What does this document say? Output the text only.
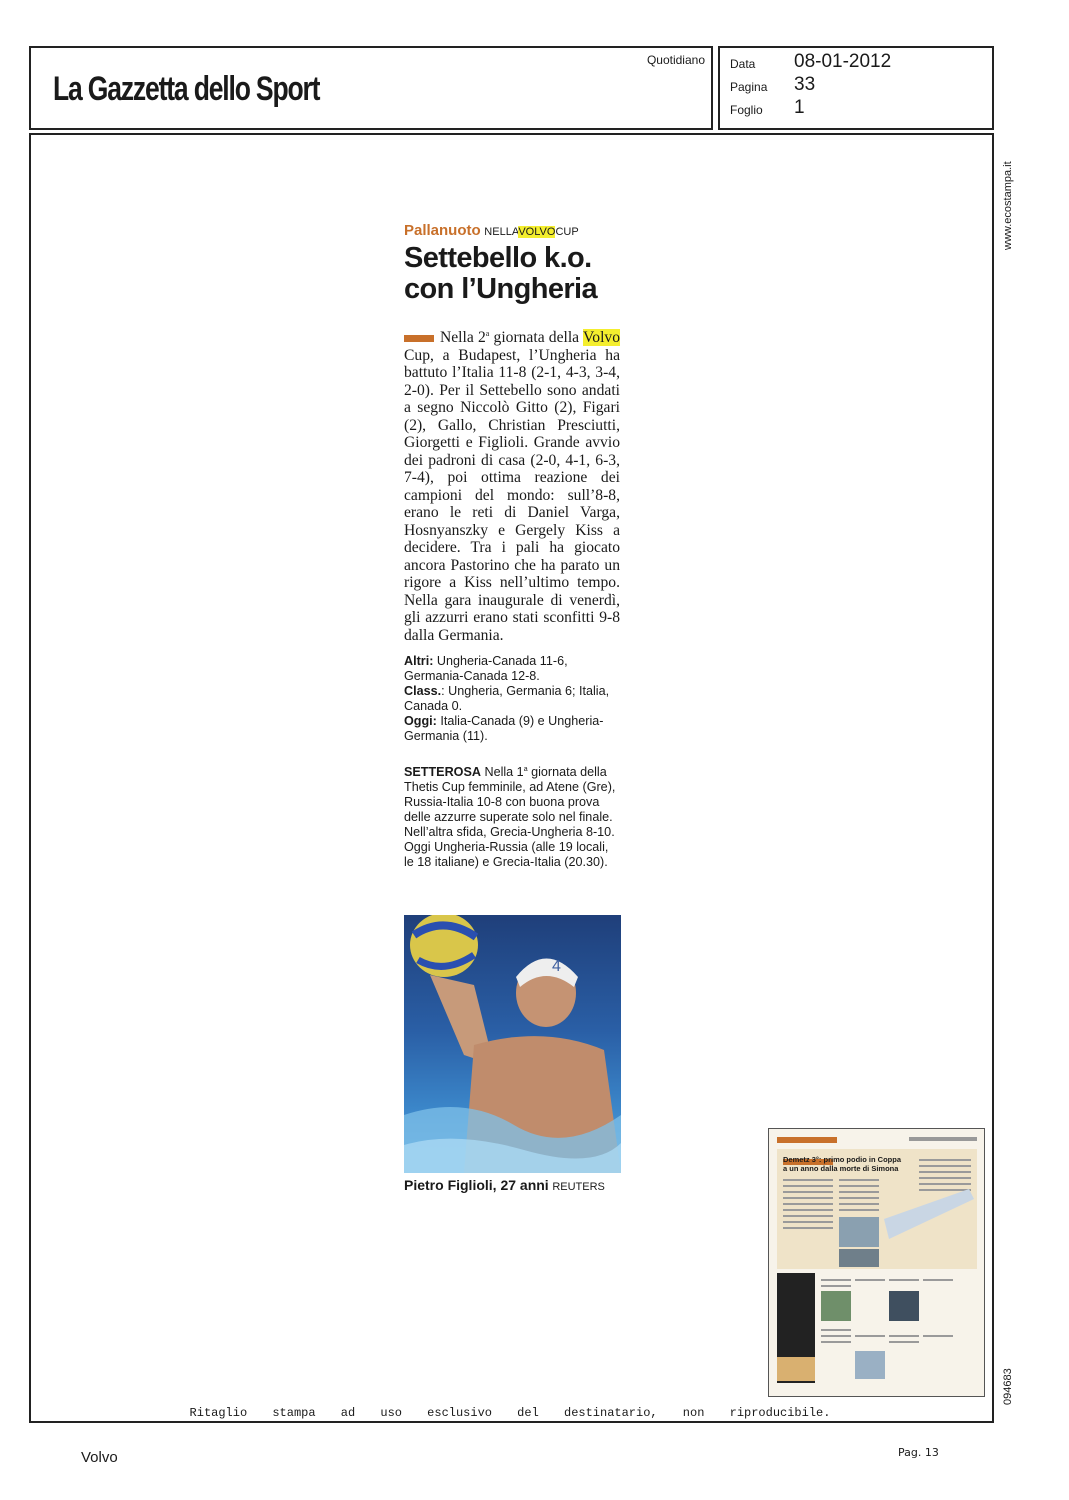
La Gazzetta dello Sport
Quotidiano Data 08-01-2012
Pagina 33
Foglio 1
www.ecostampa.it
094683
Pallanuoto NELLAVOLVOCUP
Settebello k.o.
con l’Ungheria
Nella 2$^a$ giornata della Volvo Cup, a Budapest, l’Ungheria ha battuto l’Italia 11-8 (2-1, 4-3, 3-4, 2-0). Per il Settebello sono andati a segno Niccolò Gitto (2), Figari (2), Gallo, Christian Presciutti, Giorgetti e Figlioli. Grande avvio dei padroni di casa (2-0, 4-1, 6-3, 7-4), poi ottima reazione dei campioni del mondo: sull’8-8, erano le reti di Daniel Varga, Hosnyanszky e Gergely Kiss a decidere. Tra i pali ha giocato ancora Pastorino che ha parato un rigore a Kiss nell’ultimo tempo. Nella gara inaugurale di venerdì, gli azzurri erano stati sconfitti 9-8 dalla Germania.
Altri: Ungheria-Canada 11-6, Germania-Canada 12-8.
Class.: Ungheria, Germania 6; Italia, Canada 0.
Oggi: Italia-Canada (9) e Ungheria-Germania (11).
SETTEROSA Nella 1$^a$ giornata della Thetis Cup femminile, ad Atene (Gre), Russia-Italia 10-8 con buona prova delle azzurre superate solo nel finale. Nell’altra sfida, Grecia-Ungheria 8-10. Oggi Ungheria-Russia (alle 19 locali, le 18 italiane) e Grecia-Italia (20.30).
4
Pietro Figlioli, 27 anni REUTERS
Demetz 3°: primo podio in Coppa
a un anno dalla morte di Simona
Ritaglio stampa ad uso esclusivo del destinatario, non riproducibile.
Volvo	Pag. 13
